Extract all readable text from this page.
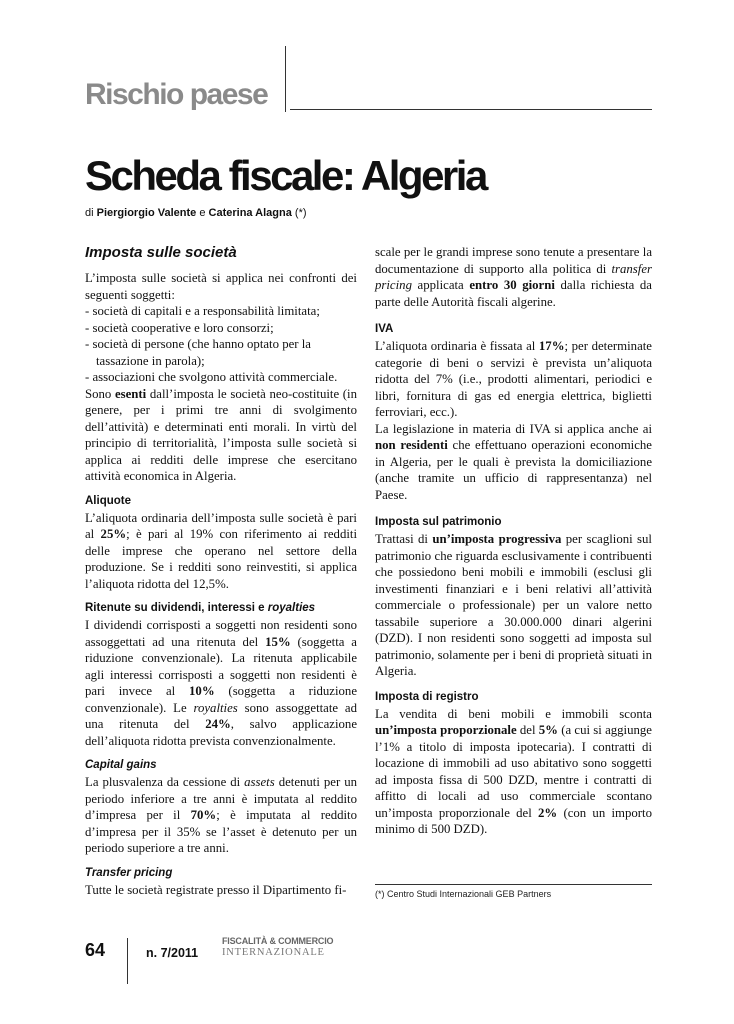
Rischio paese
Scheda fiscale: Algeria
di Piergiorgio Valente e Caterina Alagna (*)
Imposta sulle società

L’imposta sulle società si applica nei confronti dei seguenti soggetti:

- società di capitali e a responsabilità limitata;
- società cooperative e loro consorzi;
- società di persone (che hanno optato per la tassazione in parola);
- associazioni che svolgono attività commerciale.

Sono esenti dall’imposta le società neo-costituite (in genere, per i primi tre anni di svolgimento dell’attività) e determinati enti morali. In virtù del principio di territorialità, l’imposta sulle società si applica ai redditi delle imprese che esercitano attività economica in Algeria.

Aliquote

L’aliquota ordinaria dell’imposta sulle società è pari al 25%; è pari al 19% con riferimento ai redditi delle imprese che operano nel settore della produzione. Se i redditi sono reinvestiti, si applica l’aliquota ridotta del 12,5%.

Ritenute su dividendi, interessi e royalties

I dividendi corrisposti a soggetti non residenti sono assoggettati ad una ritenuta del 15% (soggetta a riduzione convenzionale). La ritenuta applicabile agli interessi corrisposti a soggetti non residenti è pari invece al 10% (soggetta a riduzione convenzionale). Le royalties sono assoggettate ad una ritenuta del 24%, salvo applicazione dell’aliquota ridotta prevista convenzionalmente.

Capital gains

La plusvalenza da cessione di assets detenuti per un periodo inferiore a tre anni è imputata al reddito d’impresa per il 70%; è imputata al reddito d’impresa per il 35% se l’asset è detenuto per un periodo superiore a tre anni.

Transfer pricing

Tutte le società registrate presso il Dipartimento fi-

scale per le grandi imprese sono tenute a presentare la documentazione di supporto alla politica di transfer pricing applicata entro 30 giorni dalla richiesta da parte delle Autorità fiscali algerine.

IVA

L’aliquota ordinaria è fissata al 17%; per determinate categorie di beni o servizi è prevista un’aliquota ridotta del 7% (i.e., prodotti alimentari, periodici e libri, fornitura di gas ed energia elettrica, biglietti ferroviari, ecc.).

La legislazione in materia di IVA si applica anche ai non residenti che effettuano operazioni economiche in Algeria, per le quali è prevista la domiciliazione (anche tramite un ufficio di rappresentanza) nel Paese.

Imposta sul patrimonio

Trattasi di un’imposta progressiva per scaglioni sul patrimonio che riguarda esclusivamente i contribuenti che possiedono beni mobili e immobili (esclusi gli investimenti finanziari e i beni relativi all’attività commerciale o professionale) per un valore netto tassabile superiore a 30.000.000 dinari algerini (DZD). I non residenti sono soggetti ad imposta sul patrimonio, solamente per i beni di proprietà situati in Algeria.

Imposta di registro

La vendita di beni mobili e immobili sconta un’imposta proporzionale del 5% (a cui si aggiunge l’1% a titolo di imposta ipotecaria). I contratti di locazione di immobili ad uso abitativo sono soggetti ad imposta fissa di 500 DZD, mentre i contratti di affitto di locali ad uso commerciale scontano un’imposta proporzionale del 2% (con un importo minimo di 500 DZD).

(*) Centro Studi Internazionali GEB Partners
64	n. 7/2011
FISCALITÀ & COMMERCIO
INTERNAZIONALE
